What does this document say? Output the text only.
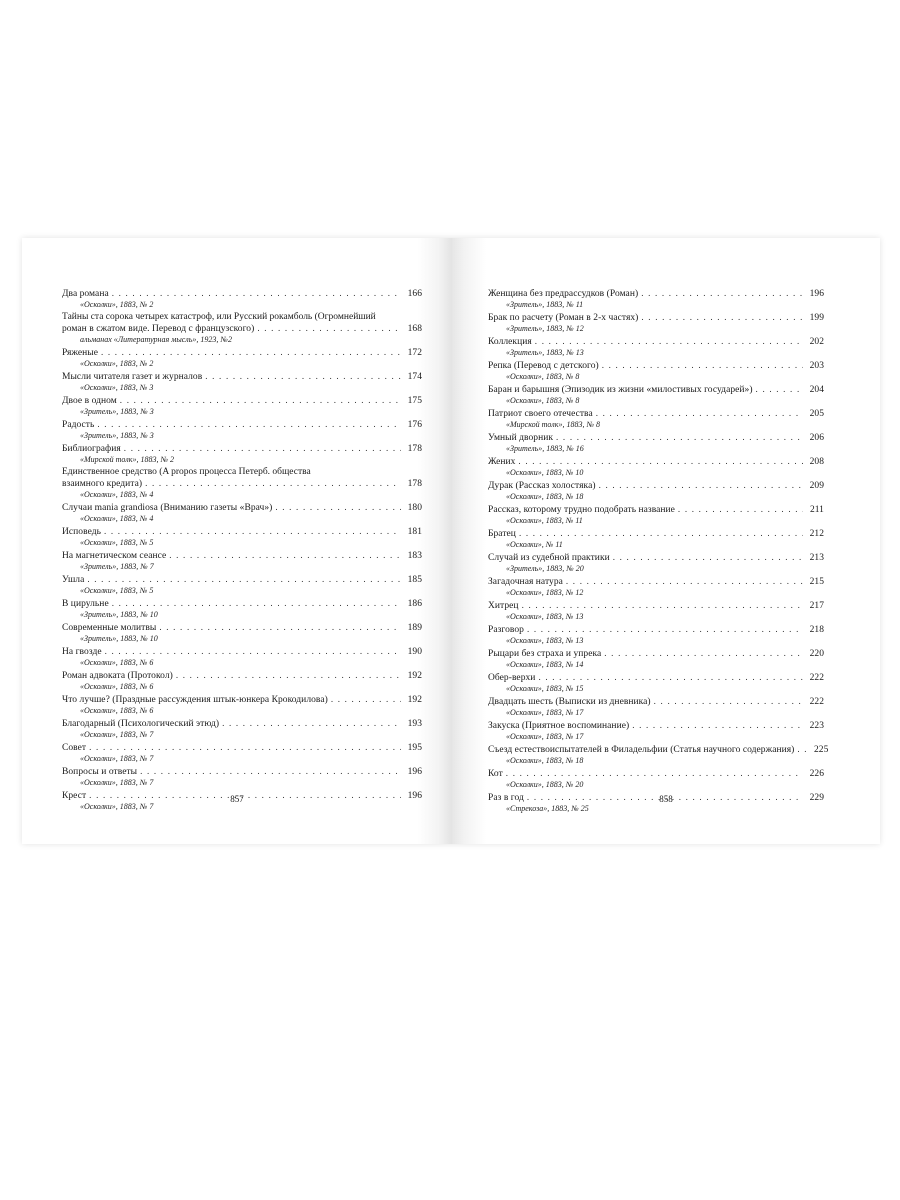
Два романа . . .	166
«Осколки», 1883, № 2
Тайны ста сорока четырех катастроф, или Русский рокамболь (Огромнейший
роман в сжатом виде. Перевод с французского) . . .	168
альманах «Литературная мысль», 1923, №2
Ряженые . . .	172
«Осколки», 1883, № 2
Мысли читателя газет и журналов . . .	174
«Осколки», 1883, № 3
Двое в одном . . .	175
«Зритель», 1883, № 3
Радость . . .	176
«Зритель», 1883, № 3
Библиография . . .	178
«Мирской толк», 1883, № 2
Единственное средство (A propos процесса Петерб. общества
взаимного кредита) . . .	178
«Осколки», 1883, № 4
Случаи mania grandiosa (Вниманию газеты «Врач») . . .	180
«Осколки», 1883, № 4
Исповедь . . .	181
«Осколки», 1883, № 5
На магнетическом сеансе . . .	183
«Зритель», 1883, № 7
Ушла . . .	185
«Осколки», 1883, № 5
В цирульне . . .	186
«Зритель», 1883, № 10
Современные молитвы . . .	189
«Зритель», 1883, № 10
На гвозде . . .	190
«Осколки», 1883, № 6
Роман адвоката (Протокол) . . .	192
«Осколки», 1883, № 6
Что лучше? (Праздные рассуждения штык-юнкера Крокодилова) . . .	192
«Осколки», 1883, № 6
Благодарный (Психологический этюд) . . .	193
«Осколки», 1883, № 7
Совет . . .	195
«Осколки», 1883, № 7
Вопросы и ответы . . .	196
«Осколки», 1883, № 7
Крест . . .	196
«Осколки», 1883, № 7
857
Женщина без предрассудков (Роман) . . .	196
«Зритель», 1883, № 11
Брак по расчету (Роман в 2-х частях) . . .	199
«Зритель», 1883, № 12
Коллекция . . .	202
«Зритель», 1883, № 13
Репка (Перевод с детского) . . .	203
«Осколки», 1883, № 8
Баран и барышня (Эпизодик из жизни «милостивых государей») . . .	204
«Осколки», 1883, № 8
Патриот своего отечества . . .	205
«Мирской толк», 1883, № 8
Умный дворник . . .	206
«Зритель», 1883, № 16
Жених . . .	208
«Осколки», 1883, № 10
Дурак (Рассказ холостяка) . . .	209
«Осколки», 1883, № 18
Рассказ, которому трудно подобрать название . . .	211
«Осколки», 1883, № 11
Братец . . .	212
«Осколки», № 11
Случай из судебной практики . . .	213
«Зритель», 1883, № 20
Загадочная натура . . .	215
«Осколки», 1883, № 12
Хитрец . . .	217
«Осколки», 1883, № 13
Разговор . . .	218
«Осколки», 1883, № 13
Рыцари без страха и упрека . . .	220
«Осколки», 1883, № 14
Обер-верхи . . .	222
«Осколки», 1883, № 15
Двадцать шесть (Выписки из дневника) . . .	222
«Осколки», 1883, № 17
Закуска (Приятное воспоминание) . . .	223
«Осколки», 1883, № 17
Съезд естествоиспытателей в Филадельфии (Статья научного содержания) . . .	225
«Осколки», 1883, № 18
Кот . . .	226
«Осколки», 1883, № 20
Раз в год . . .	229
«Стрекоза», 1883, № 25
858
